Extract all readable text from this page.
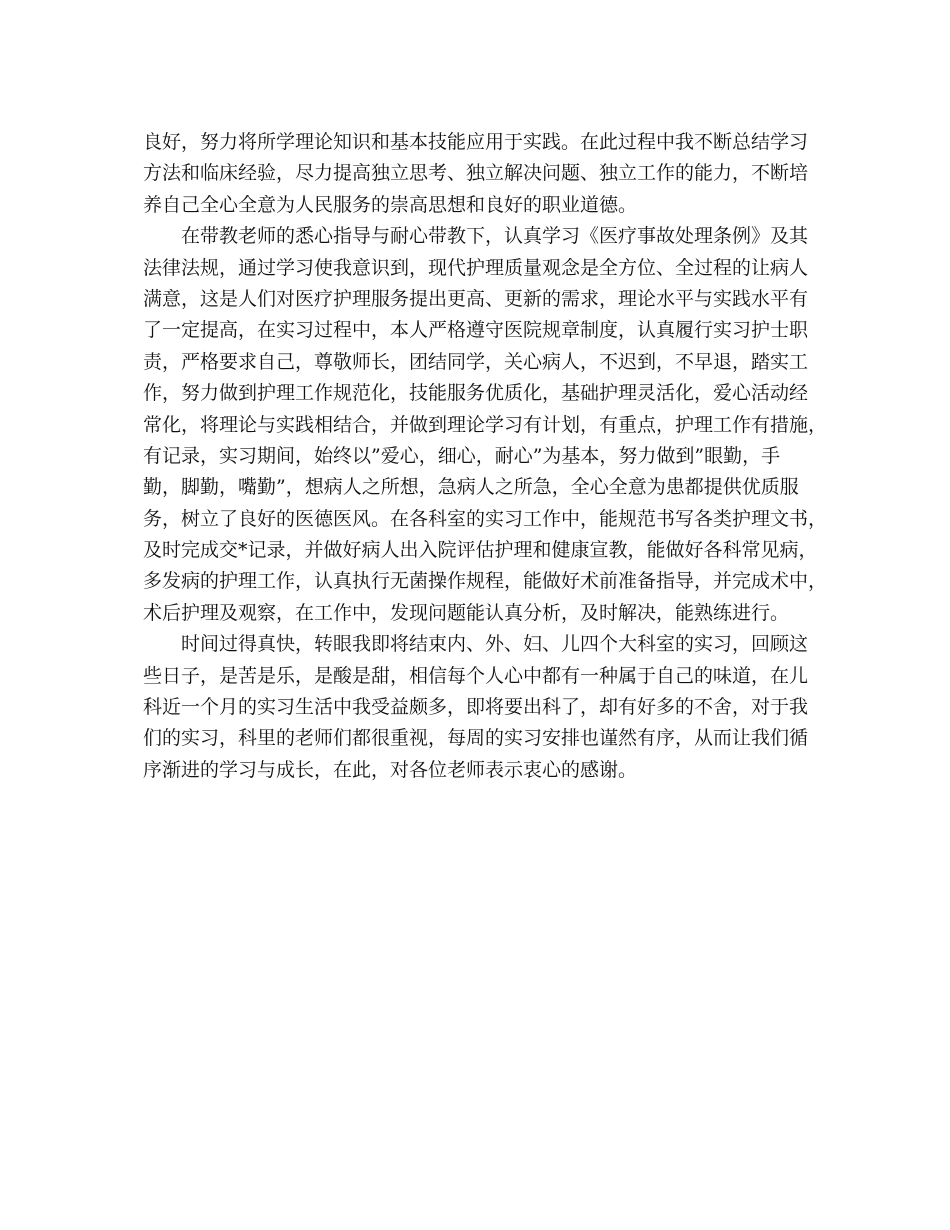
良好，努力将所学理论知识和基本技能应用于实践。在此过程中我不断总结学习
方法和临床经验，尽力提高独立思考、独立解决问题、独立工作的能力，不断培
养自己全心全意为人民服务的崇高思想和良好的职业道德。
在带教老师的悉心指导与耐心带教下，认真学习《医疗事故处理条例》及其
法律法规，通过学习使我意识到，现代护理质量观念是全方位、全过程的让病人
满意，这是人们对医疗护理服务提出更高、更新的需求，理论水平与实践水平有
了一定提高，在实习过程中，本人严格遵守医院规章制度，认真履行实习护士职
责，严格要求自己，尊敬师长，团结同学，关心病人，不迟到，不早退，踏实工
作，努力做到护理工作规范化，技能服务优质化，基础护理灵活化，爱心活动经
常化，将理论与实践相结合，并做到理论学习有计划，有重点，护理工作有措施，
有记录，实习期间，始终以”爱心，细心，耐心”为基本，努力做到”眼勤，手
勤，脚勤，嘴勤”，想病人之所想，急病人之所急，全心全意为患都提供优质服
务，树立了良好的医德医风。在各科室的实习工作中，能规范书写各类护理文书，
及时完成交*记录，并做好病人出入院评估护理和健康宣教，能做好各科常见病，
多发病的护理工作，认真执行无菌操作规程，能做好术前准备指导，并完成术中，
术后护理及观察，在工作中，发现问题能认真分析，及时解决，能熟练进行。
时间过得真快，转眼我即将结束内、外、妇、儿四个大科室的实习，回顾这
些日子，是苦是乐，是酸是甜，相信每个人心中都有一种属于自己的味道，在儿
科近一个月的实习生活中我受益颇多，即将要出科了，却有好多的不舍，对于我
们的实习，科里的老师们都很重视，每周的实习安排也谨然有序，从而让我们循
序渐进的学习与成长，在此，对各位老师表示衷心的感谢。
